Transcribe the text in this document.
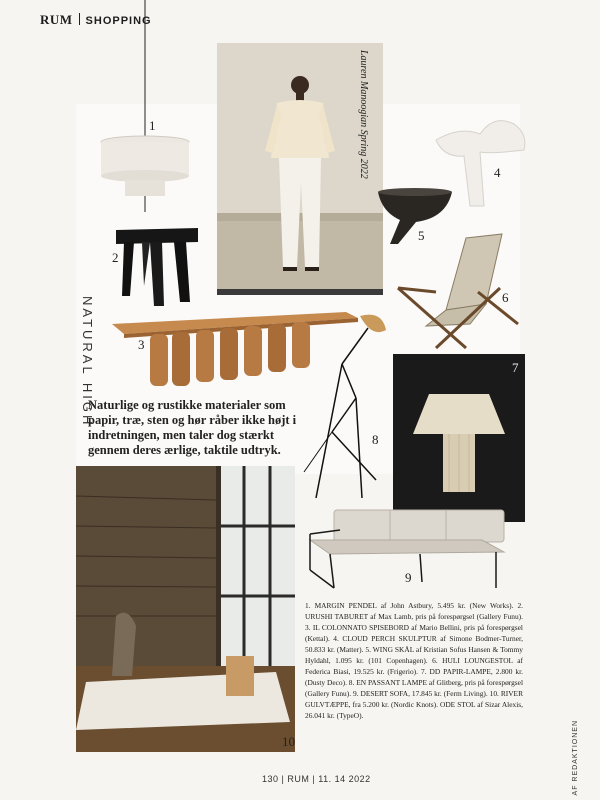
RUM SHOPPING
1
2
Lauren Manoogian Spring 2022	4
5
6
NATURAL HIGH	3
8
7
Naturlige og rustikke materialer som papir, træ, sten og hør råber ikke højt i indretningen, men taler dog stærkt gennem deres ærlige, taktile udtryk.
9
10
1. MARGIN PENDEL af John Astbury, 5.495 kr. (New Works). 2. URUSHI TABURET af Max Lamb, pris på forespørgsel (Gallery Funu). 3. IL COLONNATO SPISEBORD af Mario Bellini, pris på forespørgsel (Kettal). 4. CLOUD PERCH SKULPTUR af Simone Bodmer-Turner, 50.833 kr. (Matter). 5. WING SKÅL af Kristian Sofus Hansen & Tommy Hyldahl, 1.095 kr. (101 Copenhagen). 6. HULI LOUNGESTOL af Federica Biasi, 19.525 kr. (Frigerio). 7. DD PAPIR-LAMPE, 2.800 kr. (Dusty Deco). 8. EN PASSANT LAMPE af Glitberg, pris på forespørgsel (Gallery Funu). 9. DESERT SOFA, 17.845 kr. (Ferm Living). 10. RIVER GULVTÆPPE, fra 5.200 kr. (Nordic Knots). ODE STOL af Sizar Alexis, 26.041 kr. (TypeO).
130 | RUM | 11. 14 2022	AF REDAKTIONEN
